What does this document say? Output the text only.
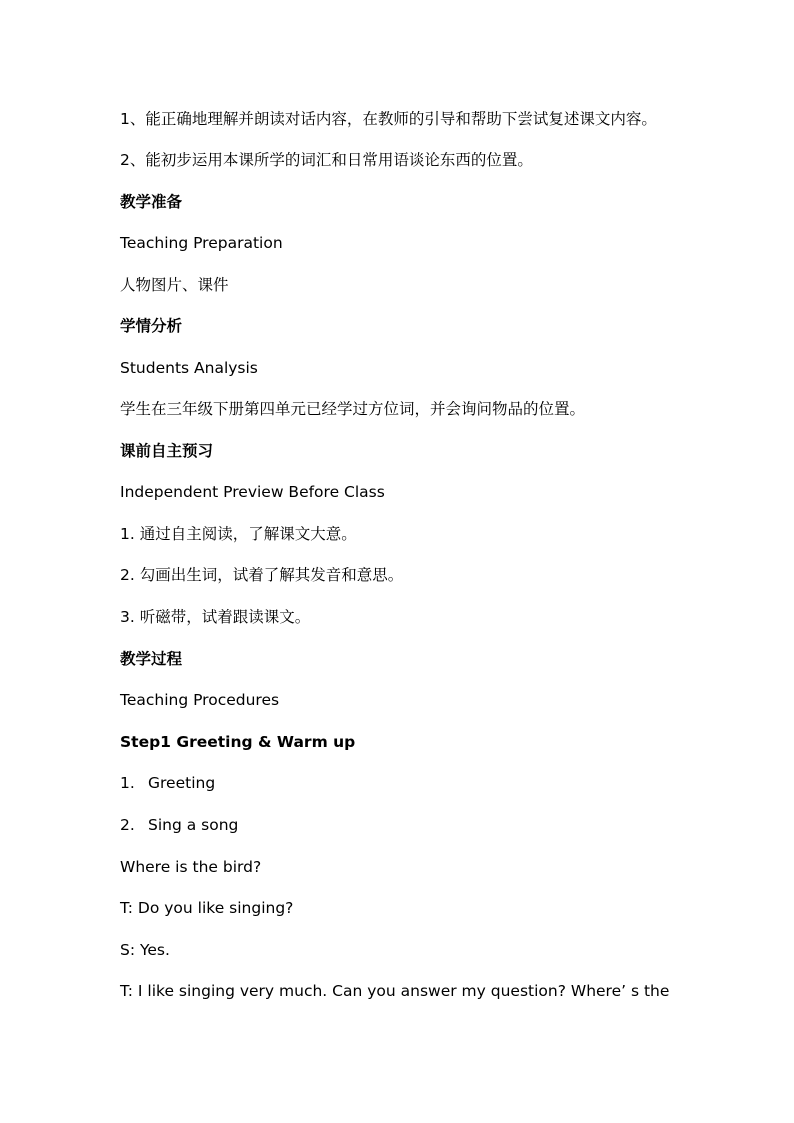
1、能正确地理解并朗读对话内容，在教师的引导和帮助下尝试复述课文内容。
2、能初步运用本课所学的词汇和日常用语谈论东西的位置。
教学准备
Teaching Preparation
人物图片、课件
学情分析
Students Analysis
学生在三年级下册第四单元已经学过方位词，并会询问物品的位置。
课前自主预习
Independent Preview Before Class
1. 通过自主阅读，了解课文大意。
2. 勾画出生词，试着了解其发音和意思。
3. 听磁带，试着跟读课文。
教学过程
Teaching Procedures
Step1 Greeting & Warm up
1. Greeting
2. Sing a song
Where is the bird?
T: Do you like singing?
S: Yes.
T: I like singing very much. Can you answer my question? Where’ s the
